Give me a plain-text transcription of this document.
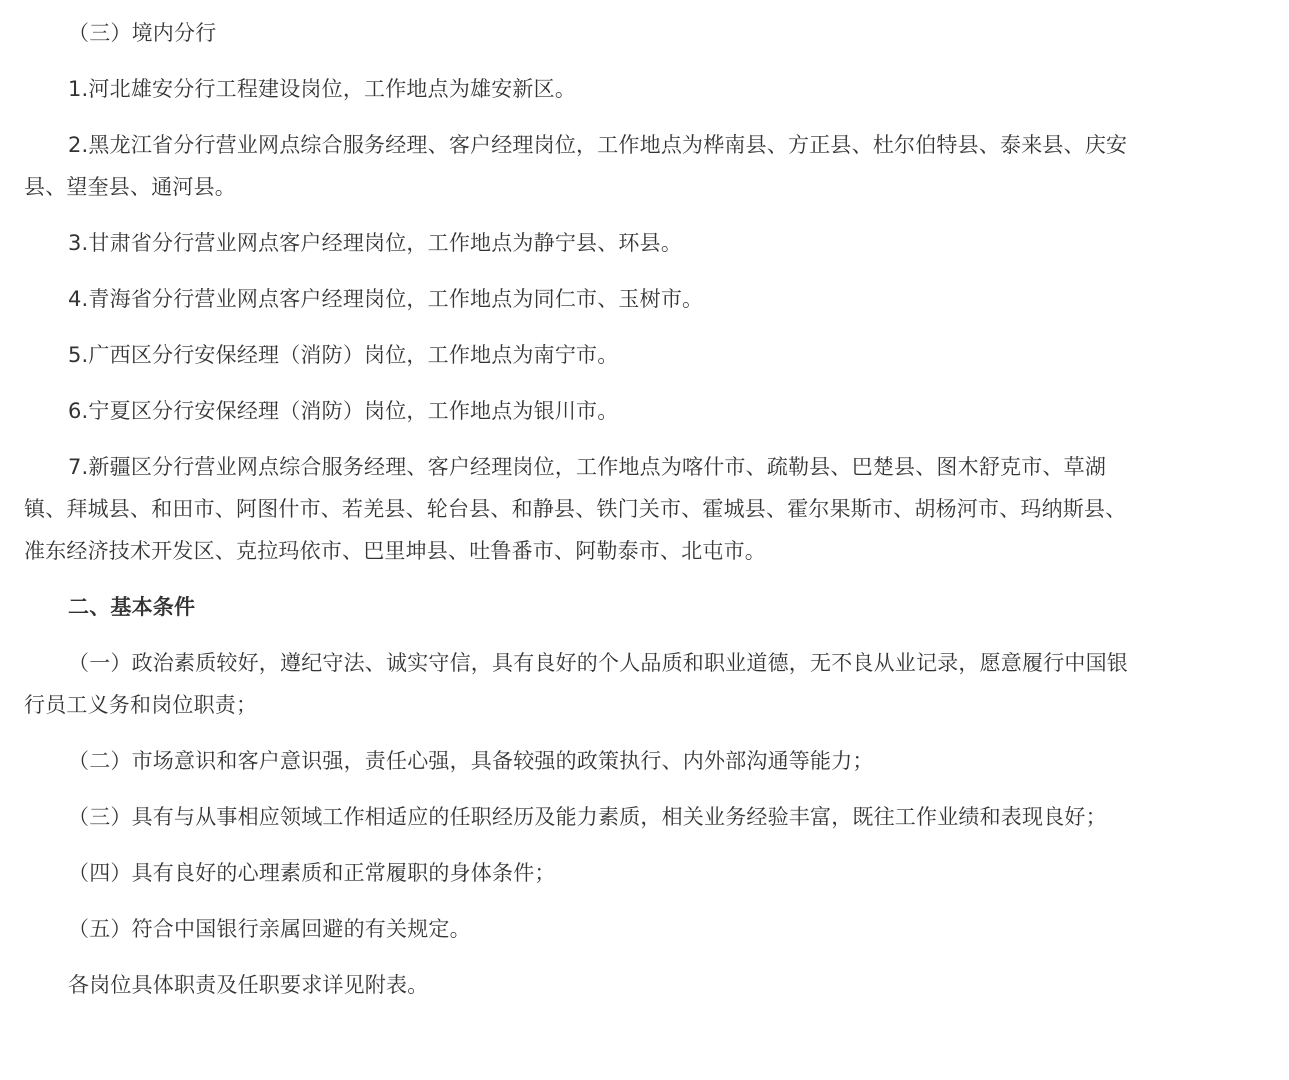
（三）境内分行

1.河北雄安分行工程建设岗位，工作地点为雄安新区。

2.黑龙江省分行营业网点综合服务经理、客户经理岗位，工作地点为桦南县、方正县、杜尔伯特县、泰来县、庆安县、望奎县、通河县。

3.甘肃省分行营业网点客户经理岗位，工作地点为静宁县、环县。

4.青海省分行营业网点客户经理岗位，工作地点为同仁市、玉树市。

5.广西区分行安保经理（消防）岗位，工作地点为南宁市。

6.宁夏区分行安保经理（消防）岗位，工作地点为银川市。

7.新疆区分行营业网点综合服务经理、客户经理岗位，工作地点为喀什市、疏勒县、巴楚县、图木舒克市、草湖镇、拜城县、和田市、阿图什市、若羌县、轮台县、和静县、铁门关市、霍城县、霍尔果斯市、胡杨河市、玛纳斯县、准东经济技术开发区、克拉玛依市、巴里坤县、吐鲁番市、阿勒泰市、北屯市。

二、基本条件

（一）政治素质较好，遵纪守法、诚实守信，具有良好的个人品质和职业道德，无不良从业记录，愿意履行中国银行员工义务和岗位职责；

（二）市场意识和客户意识强，责任心强，具备较强的政策执行、内外部沟通等能力；

（三）具有与从事相应领域工作相适应的任职经历及能力素质，相关业务经验丰富，既往工作业绩和表现良好；

（四）具有良好的心理素质和正常履职的身体条件；

（五）符合中国银行亲属回避的有关规定。

各岗位具体职责及任职要求详见附表。
